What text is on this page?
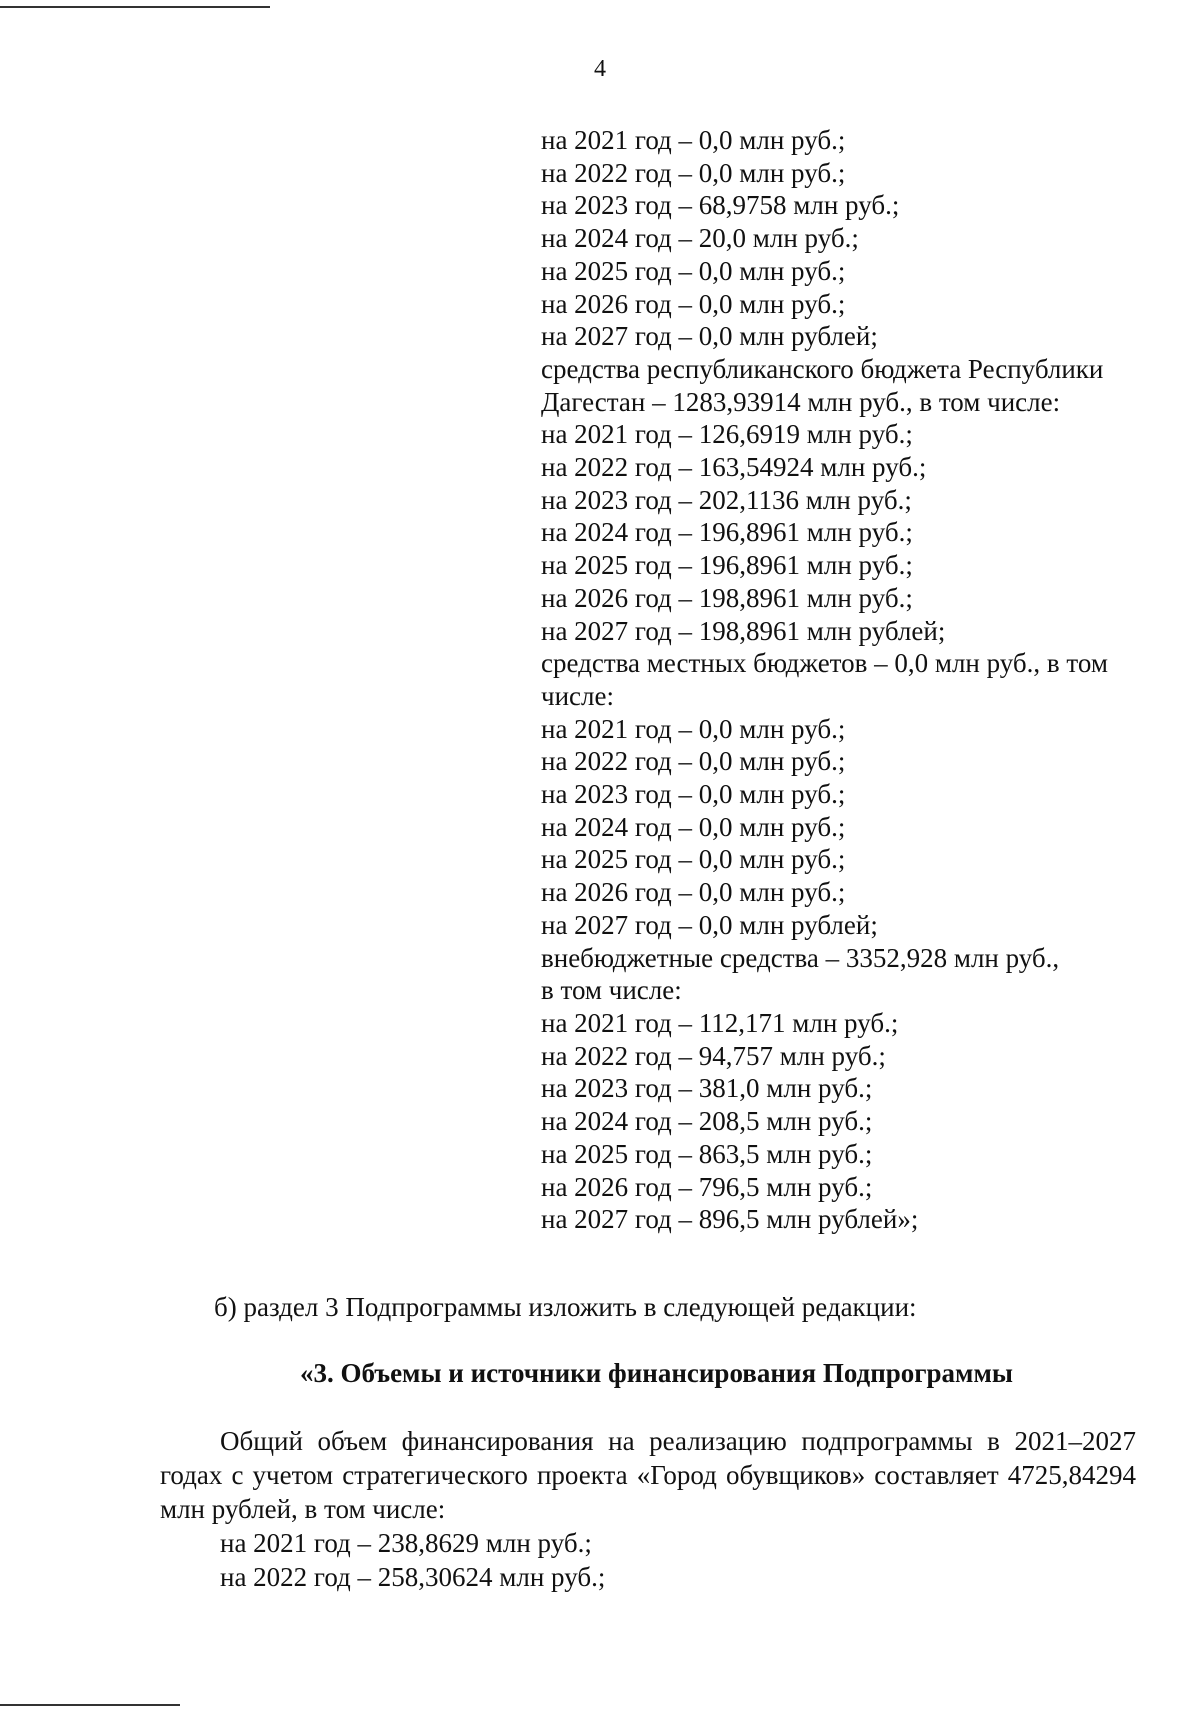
4
на 2021 год – 0,0 млн руб.;
на 2022 год – 0,0 млн руб.;
на 2023 год – 68,9758 млн руб.;
на 2024 год – 20,0 млн руб.;
на 2025 год – 0,0 млн руб.;
на 2026 год – 0,0 млн руб.;
на 2027 год – 0,0 млн рублей;
средства республиканского бюджета Республики
Дагестан – 1283,93914 млн руб., в том числе:
на 2021 год – 126,6919 млн руб.;
на 2022 год – 163,54924 млн руб.;
на 2023 год – 202,1136 млн руб.;
на 2024 год – 196,8961 млн руб.;
на 2025 год – 196,8961 млн руб.;
на 2026 год – 198,8961 млн руб.;
на 2027 год – 198,8961 млн рублей;
средства местных бюджетов – 0,0 млн руб., в том
числе:
на 2021 год – 0,0 млн руб.;
на 2022 год – 0,0 млн руб.;
на 2023 год – 0,0 млн руб.;
на 2024 год – 0,0 млн руб.;
на 2025 год – 0,0 млн руб.;
на 2026 год – 0,0 млн руб.;
на 2027 год – 0,0 млн рублей;
внебюджетные средства – 3352,928 млн руб.,
в том числе:
на 2021 год – 112,171 млн руб.;
на 2022 год – 94,757 млн руб.;
на 2023 год – 381,0 млн руб.;
на 2024 год – 208,5 млн руб.;
на 2025 год – 863,5 млн руб.;
на 2026 год – 796,5 млн руб.;
на 2027 год – 896,5 млн рублей»;
б) раздел 3 Подпрограммы изложить в следующей редакции:
«3. Объемы и источники финансирования Подпрограммы
Общий объем финансирования на реализацию подпрограммы в 2021–2027 годах с учетом стратегического проекта «Город обувщиков» составляет 4725,84294 млн рублей, в том числе:
на 2021 год – 238,8629 млн руб.;
на 2022 год – 258,30624 млн руб.;
